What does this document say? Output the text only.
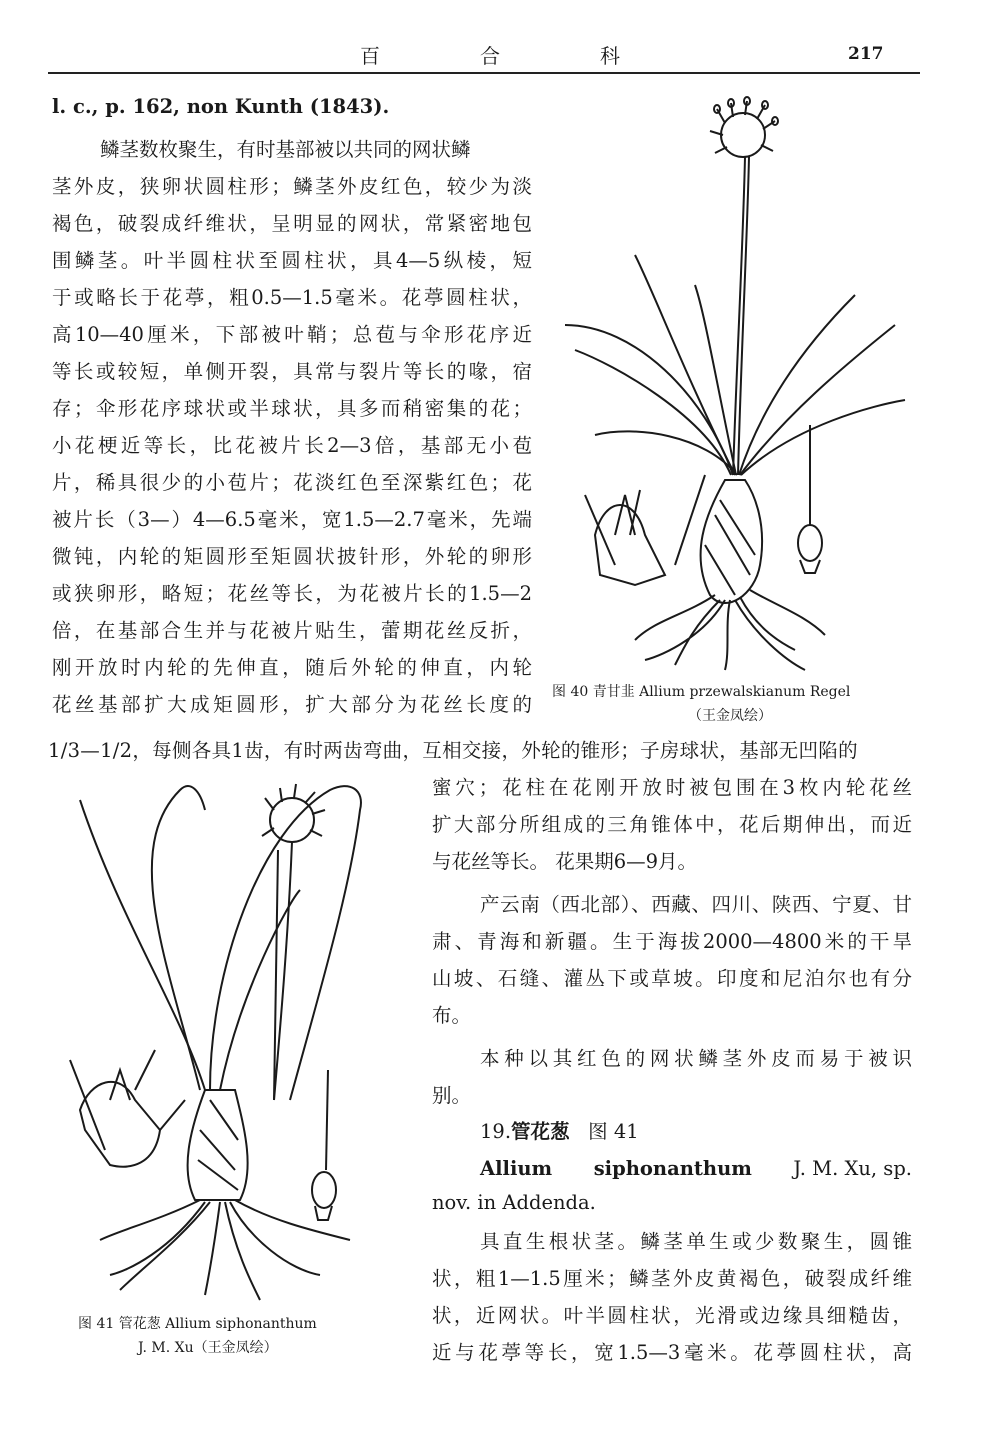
百	合	科	217
l. c., p. 162, non Kunth (1843).
鳞茎数枚聚生，有时基部被以共同的网状鳞
茎外皮，狭卵状圆柱形；鳞茎外皮红色，较少为淡
褐色，破裂成纤维状，呈明显的网状，常紧密地包
围鳞茎。叶半圆柱状至圆柱状，具4—5纵棱，短
于或略长于花葶，粗0.5—1.5毫米。花葶圆柱状，
高10—40厘米，下部被叶鞘；总苞与伞形花序近
等长或较短，单侧开裂，具常与裂片等长的喙，宿
存；伞形花序球状或半球状，具多而稍密集的花；
小花梗近等长，比花被片长2—3倍，基部无小苞
片，稀具很少的小苞片；花淡红色至深紫红色；花
被片长（3—）4—6.5毫米，宽1.5—2.7毫米，先端
微钝，内轮的矩圆形至矩圆状披针形，外轮的卵形
或狭卵形，略短；花丝等长，为花被片长的1.5—2
倍，在基部合生并与花被片贴生，蕾期花丝反折，
刚开放时内轮的先伸直，随后外轮的伸直，内轮
花丝基部扩大成矩圆形，扩大部分为花丝长度的
图 40 青甘韭 Allium przewalskianum Regel
（王金凤绘）
1/3—1/2，每侧各具1齿，有时两齿弯曲，互相交接，外轮的锥形；子房球状，基部无凹陷的
图 41 管花葱 Allium siphonanthum
J. M. Xu（王金凤绘）
蜜穴；花柱在花刚开放时被包围在3枚内轮花丝
扩大部分所组成的三角锥体中，花后期伸出，而近
与花丝等长。 花果期6—9月。
产云南（西北部）、西藏、四川、陕西、宁夏、甘
肃、青海和新疆。生于海拔2000—4800米的干旱
山坡、石缝、灌丛下或草坡。印度和尼泊尔也有分
布。
本种以其红色的网状鳞茎外皮而易于被识
别。
19.管花葱 图 41
Allium siphonanthum J. M. Xu, sp.
nov. in Addenda.
具直生根状茎。鳞茎单生或少数聚生，圆锥
状，粗1—1.5厘米；鳞茎外皮黄褐色，破裂成纤维
状，近网状。叶半圆柱状，光滑或边缘具细糙齿，
近与花葶等长，宽1.5—3毫米。花葶圆柱状，高
